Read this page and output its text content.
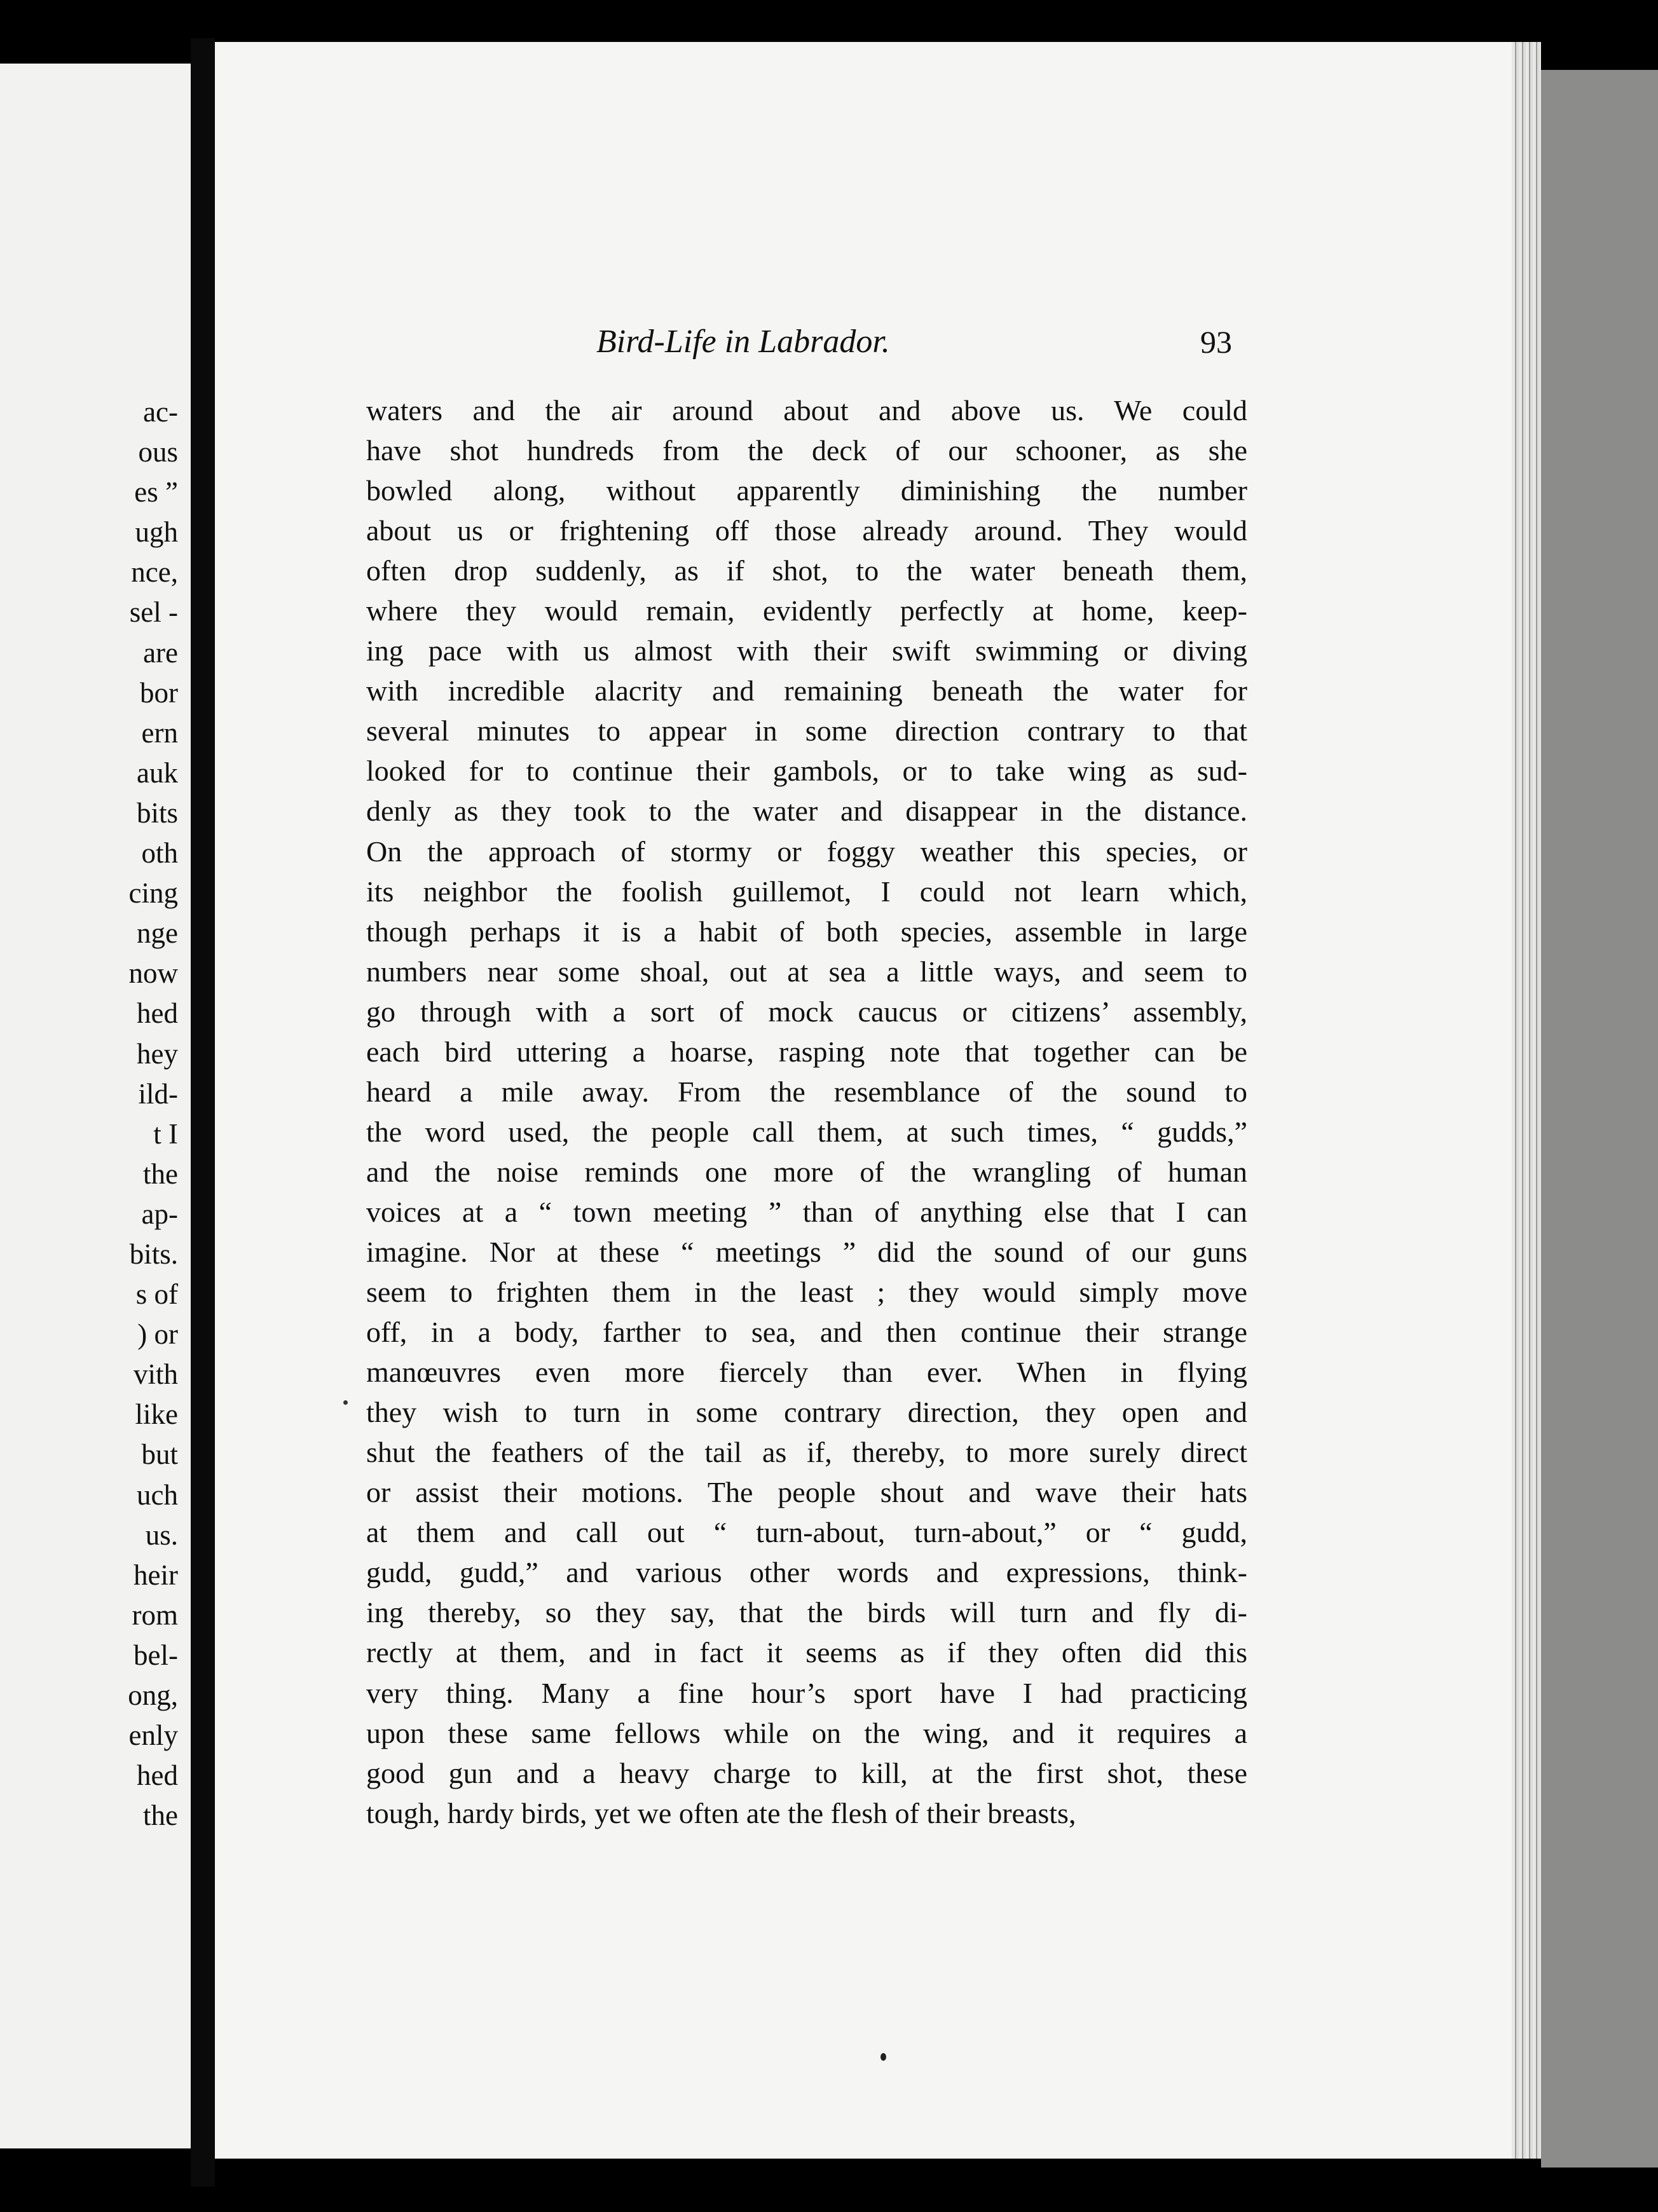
ac-
ous
es ”
ugh
nce,
sel -
are
bor
ern
auk
bits
oth
cing
nge
now
hed
hey
ild-
t I
the
ap-
bits.
s of
) or
vith
like
but
uch
us.
heir
rom
bel-
ong,
enly
hed
the
Bird-Life in Labrador.	93
waters and the air around about and above us. We could
have shot hundreds from the deck of our schooner, as she
bowled along, without apparently diminishing the number
about us or frightening off those already around. They would
often drop suddenly, as if shot, to the water beneath them,
where they would remain, evidently perfectly at home, keep-
ing pace with us almost with their swift swimming or diving
with incredible alacrity and remaining beneath the water for
several minutes to appear in some direction contrary to that
looked for to continue their gambols, or to take wing as sud-
denly as they took to the water and disappear in the distance.
On the approach of stormy or foggy weather this species, or
its neighbor the foolish guillemot, I could not learn which,
though perhaps it is a habit of both species, assemble in large
numbers near some shoal, out at sea a little ways, and seem to
go through with a sort of mock caucus or citizens’ assembly,
each bird uttering a hoarse, rasping note that together can be
heard a mile away. From the resemblance of the sound to
the word used, the people call them, at such times, “ gudds,”
and the noise reminds one more of the wrangling of human
voices at a “ town meeting ” than of anything else that I can
imagine. Nor at these “ meetings ” did the sound of our guns
seem to frighten them in the least ; they would simply move
off, in a body, farther to sea, and then continue their strange
manœuvres even more fiercely than ever. When in flying
they wish to turn in some contrary direction, they open and
shut the feathers of the tail as if, thereby, to more surely direct
or assist their motions. The people shout and wave their hats
at them and call out “ turn-about, turn-about,” or “ gudd,
gudd, gudd,” and various other words and expressions, think-
ing thereby, so they say, that the birds will turn and fly di-
rectly at them, and in fact it seems as if they often did this
very thing. Many a fine hour’s sport have I had practicing
upon these same fellows while on the wing, and it requires a
good gun and a heavy charge to kill, at the first shot, these
tough, hardy birds, yet we often ate the flesh of their breasts,
